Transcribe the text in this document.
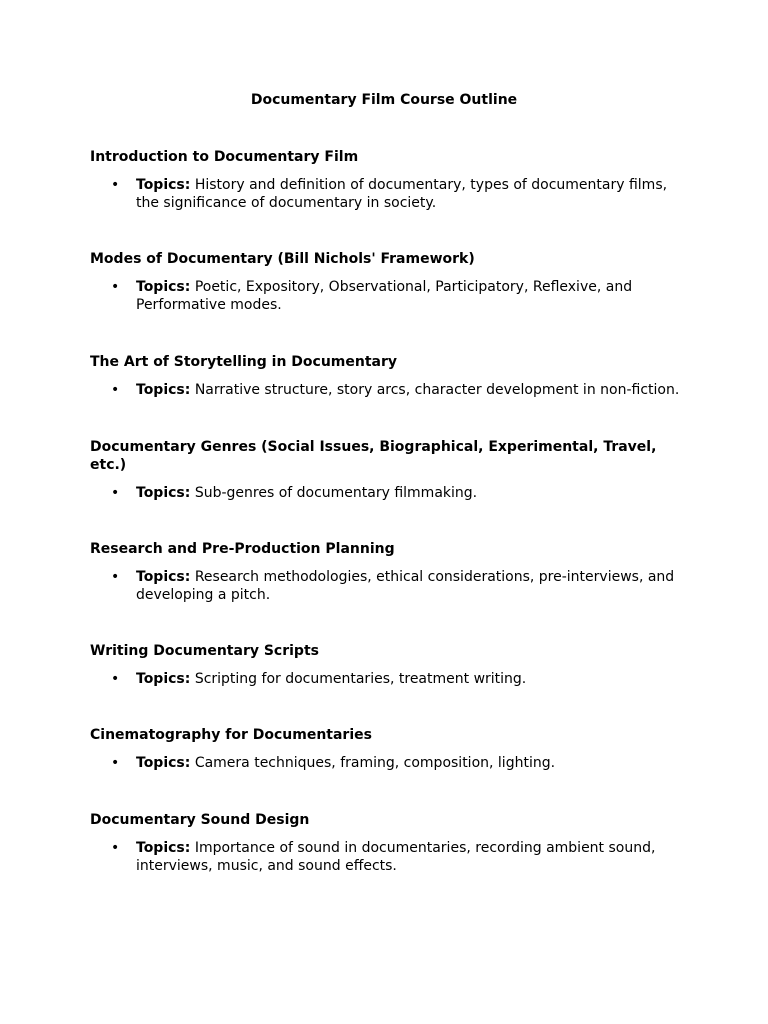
Documentary Film Course Outline
Introduction to Documentary Film
• Topics: History and definition of documentary, types of documentary films, the significance of documentary in society.
Modes of Documentary (Bill Nichols' Framework)
• Topics: Poetic, Expository, Observational, Participatory, Reflexive, and Performative modes.
The Art of Storytelling in Documentary
• Topics: Narrative structure, story arcs, character development in non-fiction.
Documentary Genres (Social Issues, Biographical, Experimental, Travel, etc.)
• Topics: Sub-genres of documentary filmmaking.
Research and Pre-Production Planning
• Topics: Research methodologies, ethical considerations, pre-interviews, and developing a pitch.
Writing Documentary Scripts
• Topics: Scripting for documentaries, treatment writing.
Cinematography for Documentaries
• Topics: Camera techniques, framing, composition, lighting.
Documentary Sound Design
• Topics: Importance of sound in documentaries, recording ambient sound, interviews, music, and sound effects.
